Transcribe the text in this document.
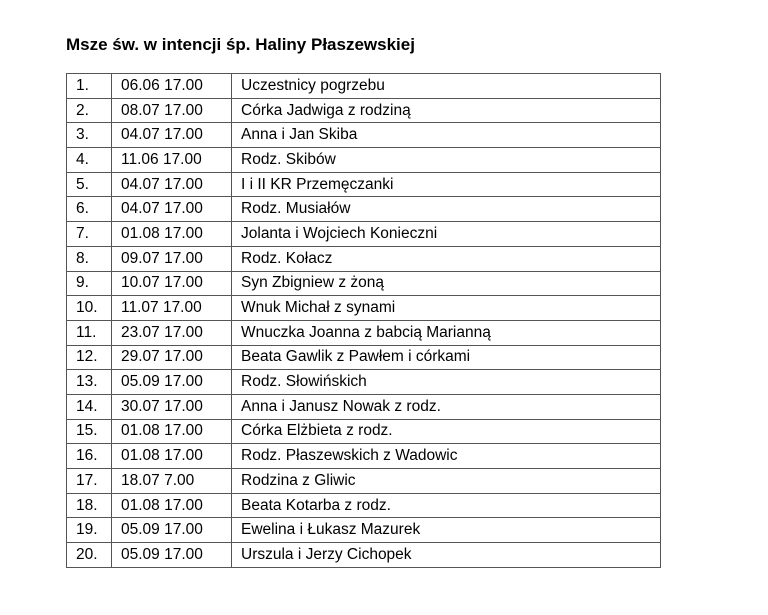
Msze św. w intencji śp. Haliny Płaszewskiej
1.	06.06 17.00	Uczestnicy pogrzebu
2.	08.07 17.00	Córka Jadwiga z rodziną
3.	04.07 17.00	Anna i Jan Skiba
4.	11.06 17.00	Rodz. Skibów
5.	04.07 17.00	I i II KR Przemęczanki
6.	04.07 17.00	Rodz. Musiałów
7.	01.08 17.00	Jolanta i Wojciech Konieczni
8.	09.07 17.00	Rodz. Kołacz
9.	10.07 17.00	Syn Zbigniew z żoną
10.	11.07 17.00	Wnuk Michał z synami
11.	23.07 17.00	Wnuczka Joanna z babcią Marianną
12.	29.07 17.00	Beata Gawlik z Pawłem i córkami
13.	05.09 17.00	Rodz. Słowińskich
14.	30.07 17.00	Anna i Janusz Nowak z rodz.
15.	01.08 17.00	Córka Elżbieta z rodz.
16.	01.08 17.00	Rodz. Płaszewskich z Wadowic
17.	18.07 7.00	Rodzina z Gliwic
18.	01.08 17.00	Beata Kotarba z rodz.
19.	05.09 17.00	Ewelina i Łukasz Mazurek
20.	05.09 17.00	Urszula i Jerzy Cichopek
